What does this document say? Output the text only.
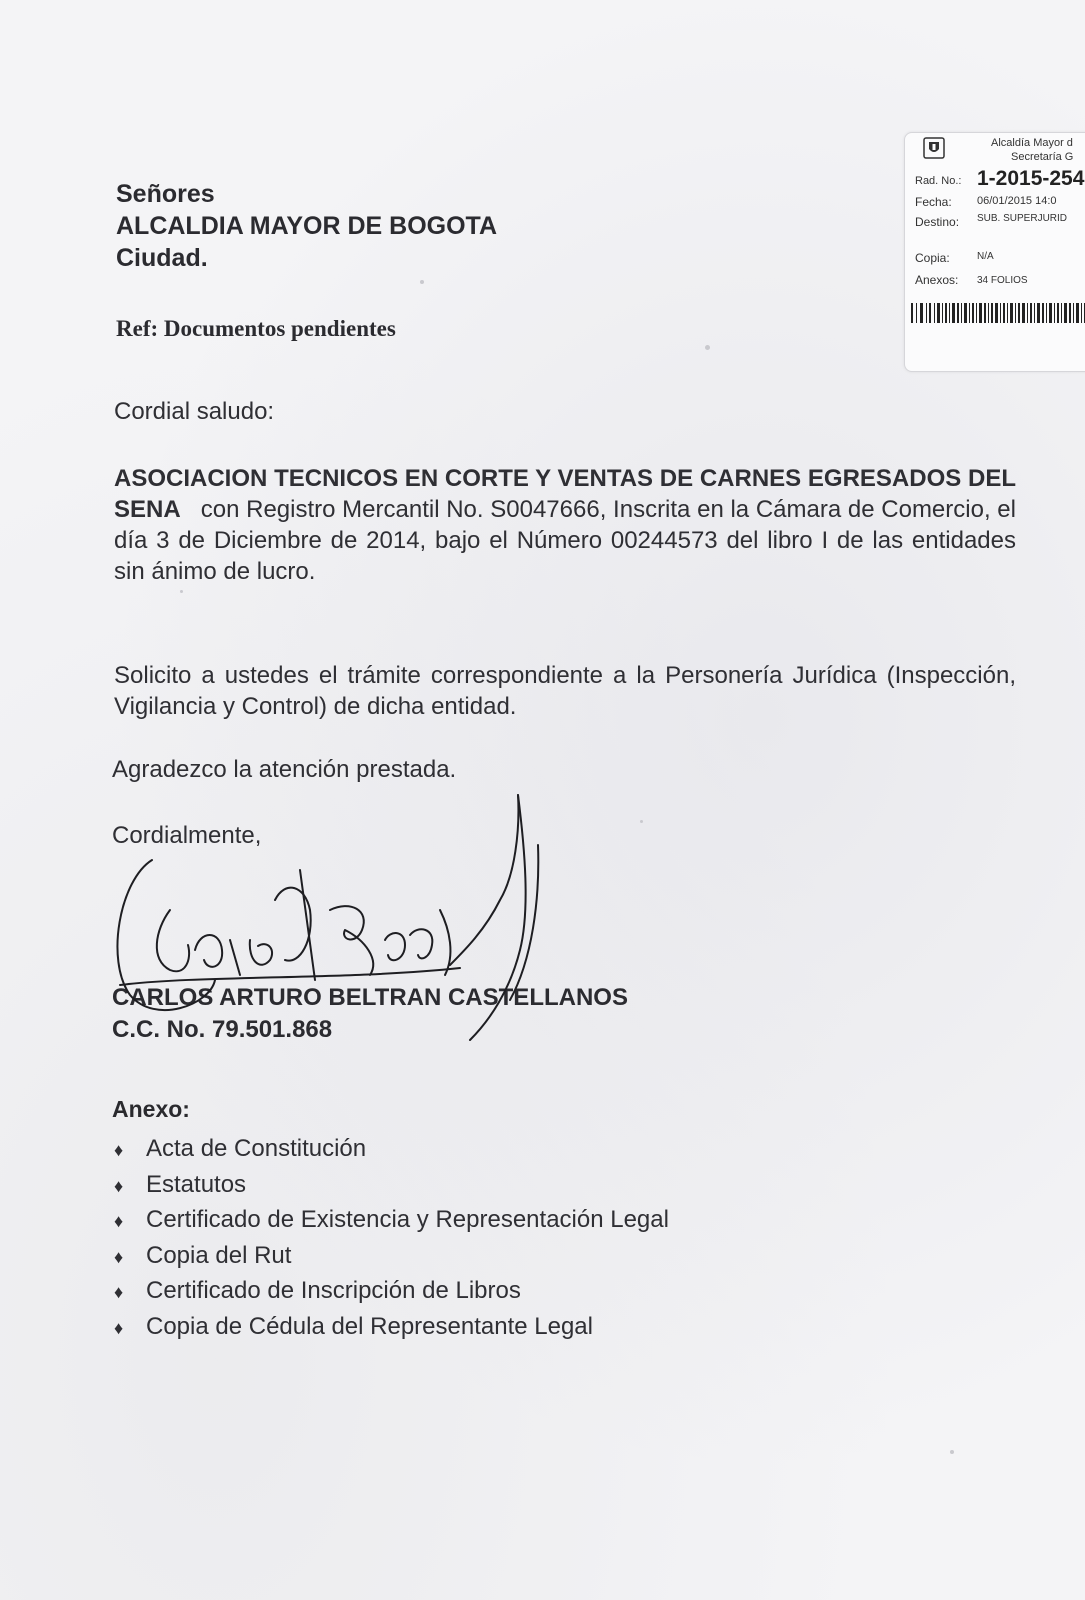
Alcaldía Mayor d
Secretaría G
Rad. No.: 1-2015-254
Fecha: 06/01/2015 14:0
Destino: SUB. SUPERJURID
Copia:	N/A
Anexos: 34 FOLIOS
Señores
ALCALDIA MAYOR DE BOGOTA
Ciudad.
Ref: Documentos pendientes
Cordial saludo:
ASOCIACION TECNICOS EN CORTE Y VENTAS DE CARNES EGRESADOS DEL SENA con Registro Mercantil No. S0047666, Inscrita en la Cámara de Comercio, el día 3 de Diciembre de 2014, bajo el Número 00244573 del libro I de las entidades sin ánimo de lucro.
Solicito a ustedes el trámite correspondiente a la Personería Jurídica (Inspección, Vigilancia y Control) de dicha entidad.
Agradezco la atención prestada.
Cordialmente,
CARLOS ARTURO BELTRAN CASTELLANOS
C.C. No. 79.501.868
Anexo:
♦ Acta de Constitución
♦ Estatutos
♦ Certificado de Existencia y Representación Legal
♦ Copia del Rut
♦ Certificado de Inscripción de Libros
♦ Copia de Cédula del Representante Legal
